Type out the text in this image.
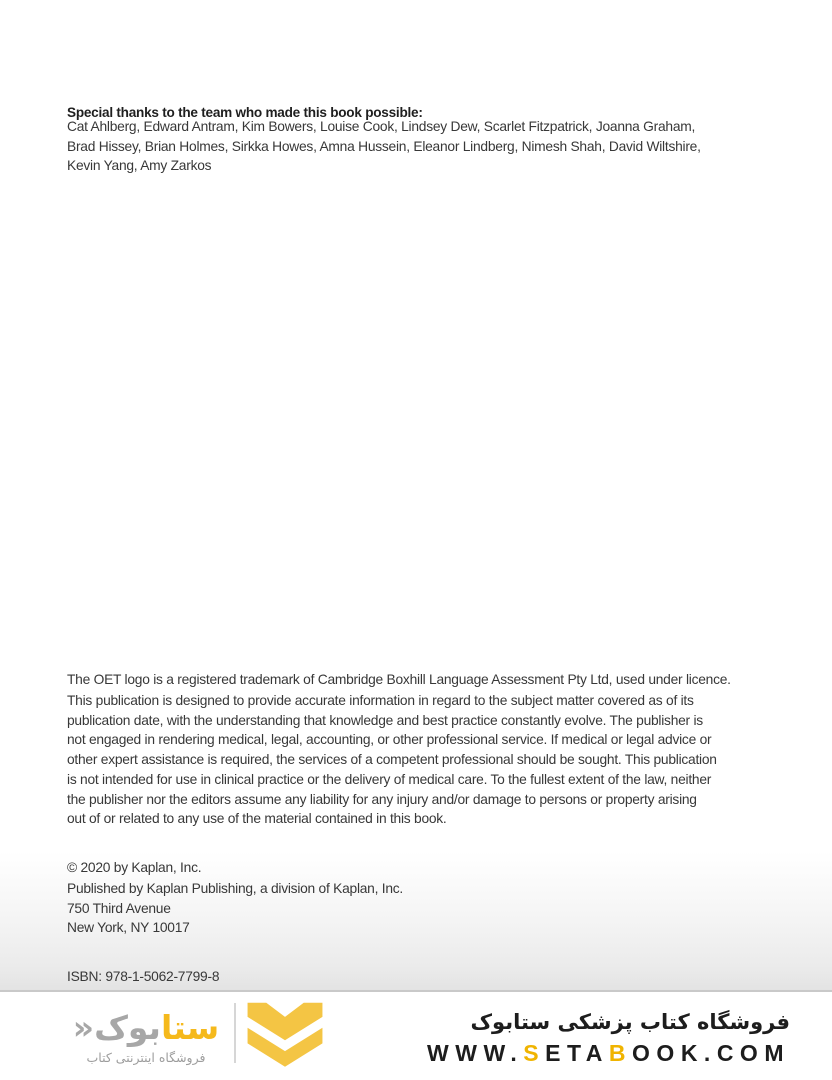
Special thanks to the team who made this book possible:

Cat Ahlberg, Edward Antram, Kim Bowers, Louise Cook, Lindsey Dew, Scarlet Fitzpatrick, Joanna Graham,
Brad Hissey, Brian Holmes, Sirkka Howes, Amna Hussein, Eleanor Lindberg, Nimesh Shah, David Wiltshire,
Kevin Yang, Amy Zarkos

The OET logo is a registered trademark of Cambridge Boxhill Language Assessment Pty Ltd, used under licence.

This publication is designed to provide accurate information in regard to the subject matter covered as of its
publication date, with the understanding that knowledge and best practice constantly evolve. The publisher is
not engaged in rendering medical, legal, accounting, or other professional service. If medical or legal advice or
other expert assistance is required, the services of a competent professional should be sought. This publication
is not intended for use in clinical practice or the delivery of medical care. To the fullest extent of the law, neither
the publisher nor the editors assume any liability for any injury and/or damage to persons or property arising
out of or related to any use of the material contained in this book.

© 2020 by Kaplan, Inc.

Published by Kaplan Publishing, a division of Kaplan, Inc.
750 Third Avenue
New York, NY 10017

ISBN: 978-1-5062-7799-8

ستابوک«
فروشگاه اینترنتی کتاب
فروشگاه کتاب پزشکی ستابوک
WWW.SETABOOK.COM
